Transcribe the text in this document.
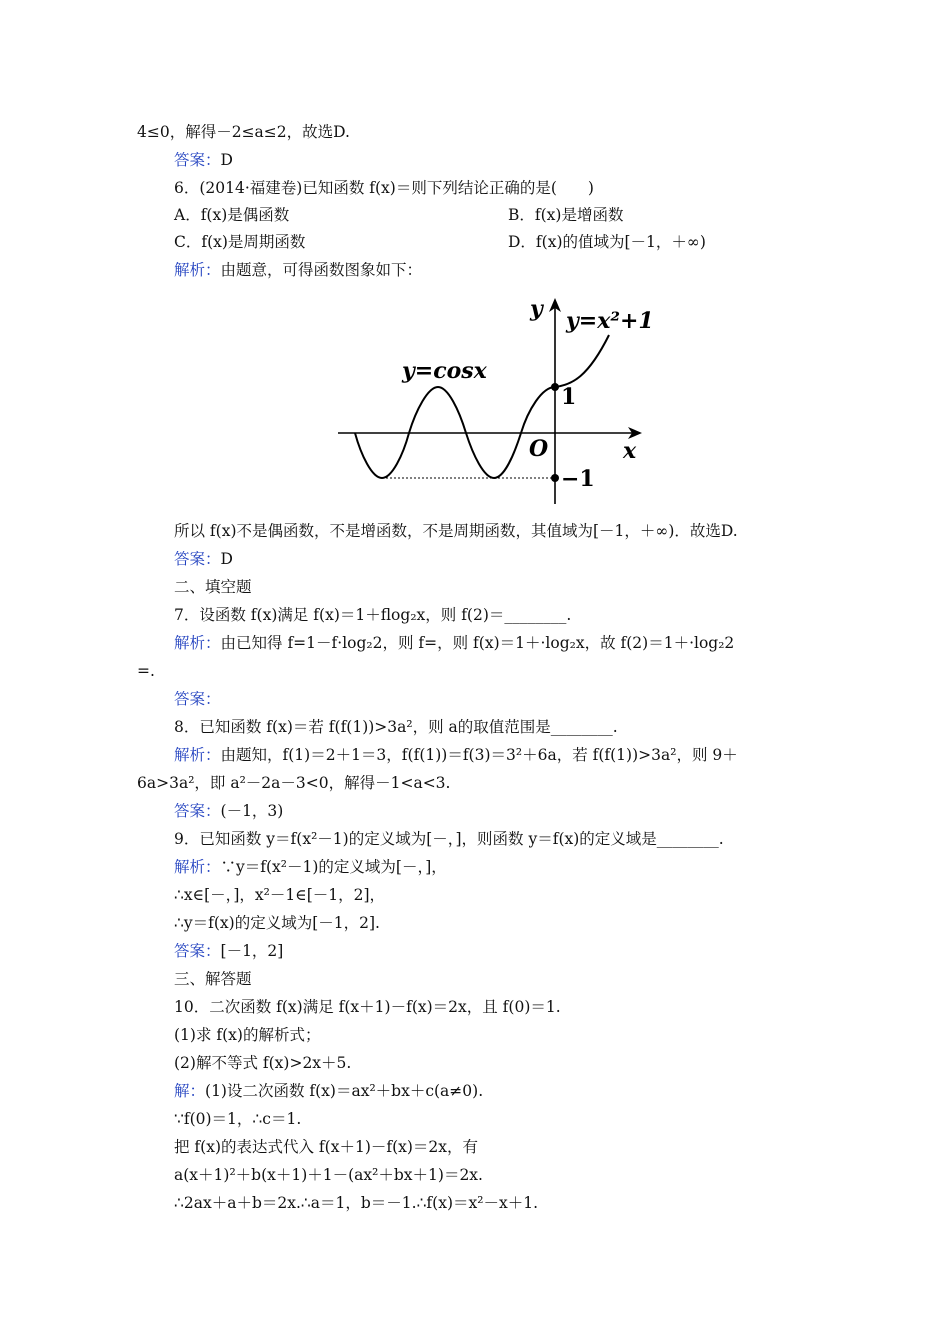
4≤0，解得－2≤a≤2，故选D.
答案：D
6．(2014·福建卷)已知函数 f(x)＝则下列结论正确的是(　　)
A．f(x)是偶函数	B．f(x)是增函数
C．f(x)是周期函数	D．f(x)的值域为[－1，＋∞)
解析：由题意，可得函数图象如下：
y
x
O
y=cosx
y=x²+1
1
−1
所以 f(x)不是偶函数，不是增函数，不是周期函数，其值域为[－1，＋∞)．故选D.
答案：D
二、填空题
7．设函数 f(x)满足 f(x)＝1＋flog₂x，则 f(2)＝________.
解析：由已知得 f=1－f·log₂2，则 f=，则 f(x)＝1＋·log₂x，故 f(2)＝1＋·log₂2
=.
答案：
8．已知函数 f(x)＝若 f(f(1))>3a²，则 a的取值范围是________.
解析：由题知，f(1)＝2＋1＝3，f(f(1))＝f(3)＝3²＋6a，若 f(f(1))>3a²，则 9＋
6a>3a²，即 a²－2a－3<0，解得－1<a<3.
答案：(－1，3)
9．已知函数 y＝f(x²－1)的定义域为[－，]，则函数 y＝f(x)的定义域是________.
解析：∵y＝f(x²－1)的定义域为[－，]，
∴x∈[－，]，x²－1∈[－1，2]，
∴y＝f(x)的定义域为[－1，2].
答案：[－1，2]
三、解答题
10．二次函数 f(x)满足 f(x＋1)－f(x)＝2x，且 f(0)＝1.
(1)求 f(x)的解析式；
(2)解不等式 f(x)>2x＋5.
解：(1)设二次函数 f(x)＝ax²＋bx＋c(a≠0).
∵f(0)＝1，∴c＝1.
把 f(x)的表达式代入 f(x＋1)－f(x)＝2x，有
a(x＋1)²＋b(x＋1)＋1－(ax²＋bx＋1)＝2x.
∴2ax＋a＋b＝2x.∴a＝1，b＝－1.∴f(x)＝x²－x＋1.
